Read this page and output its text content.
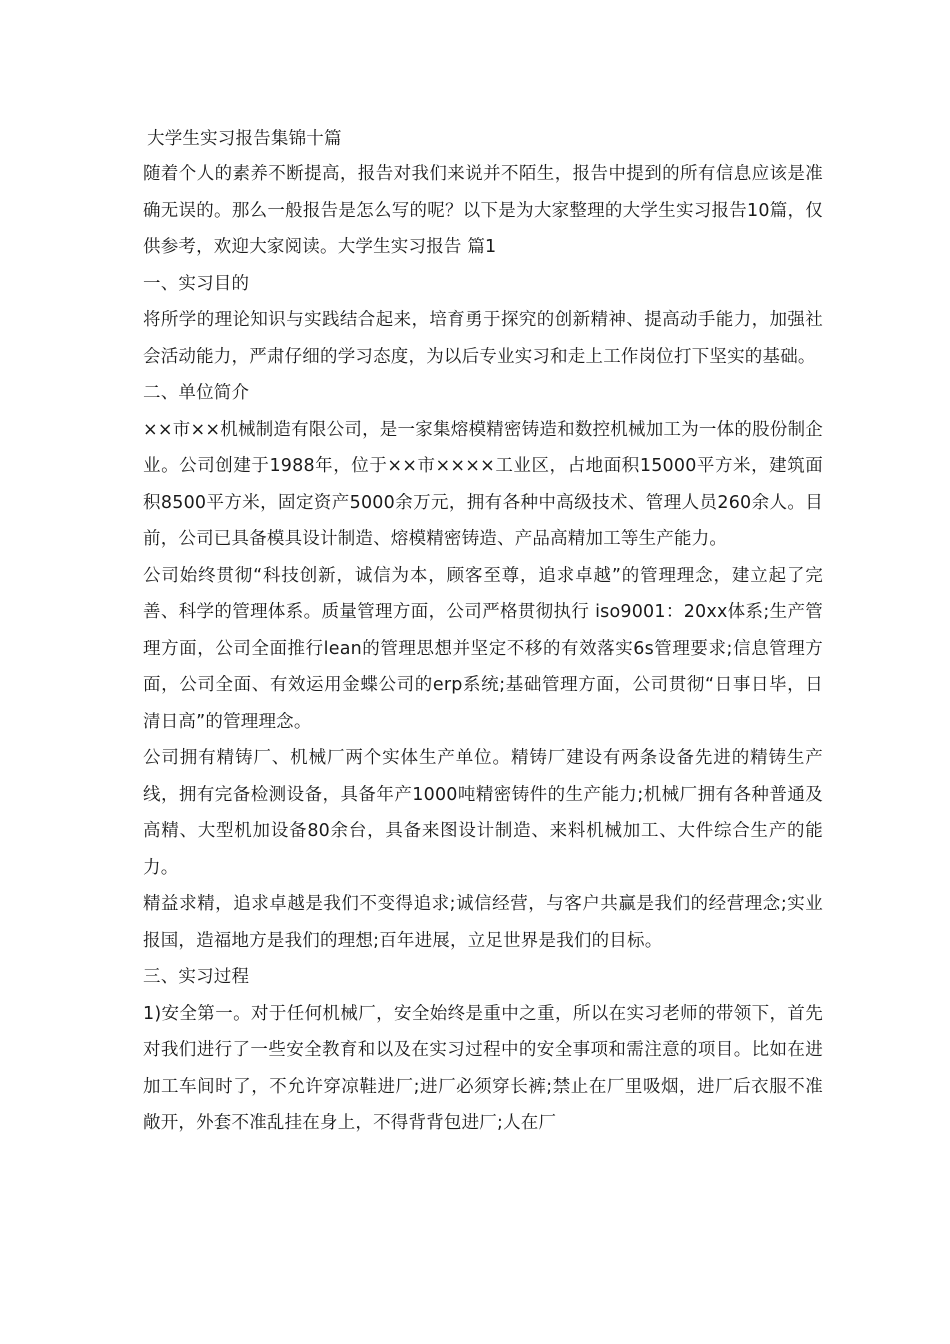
大学生实习报告集锦十篇

随着个人的素养不断提高，报告对我们来说并不陌生，报告中提到的所有信息应该是准确无误的。那么一般报告是怎么写的呢？以下是为大家整理的大学生实习报告10篇，仅供参考，欢迎大家阅读。大学生实习报告 篇1

一、实习目的

将所学的理论知识与实践结合起来，培育勇于探究的创新精神、提高动手能力，加强社会活动能力，严肃仔细的学习态度，为以后专业实习和走上工作岗位打下坚实的基础。

二、单位简介

××市××机械制造有限公司，是一家集熔模精密铸造和数控机械加工为一体的股份制企业。公司创建于1988年，位于××市××××工业区，占地面积15000平方米，建筑面积8500平方米，固定资产5000余万元，拥有各种中高级技术、管理人员260余人。目前，公司已具备模具设计制造、熔模精密铸造、产品高精加工等生产能力。

公司始终贯彻“科技创新，诚信为本，顾客至尊，追求卓越”的管理理念，建立起了完善、科学的管理体系。质量管理方面，公司严格贯彻执行 iso9001：20xx体系;生产管理方面，公司全面推行lean的管理思想并坚定不移的有效落实6s管理要求;信息管理方面，公司全面、有效运用金蝶公司的erp系统;基础管理方面，公司贯彻“日事日毕，日清日高”的管理理念。

公司拥有精铸厂、机械厂两个实体生产单位。精铸厂建设有两条设备先进的精铸生产线，拥有完备检测设备，具备年产1000吨精密铸件的生产能力;机械厂拥有各种普通及高精、大型机加设备80余台，具备来图设计制造、来料机械加工、大件综合生产的能力。

精益求精，追求卓越是我们不变得追求;诚信经营，与客户共赢是我们的经营理念;实业报国，造福地方是我们的理想;百年进展，立足世界是我们的目标。

三、实习过程

1)安全第一。对于任何机械厂，安全始终是重中之重，所以在实习老师的带领下，首先对我们进行了一些安全教育和以及在实习过程中的安全事项和需注意的项目。比如在进加工车间时了，不允许穿凉鞋进厂;进厂必须穿长裤;禁止在厂里吸烟，进厂后衣服不准敞开，外套不准乱挂在身上，不得背背包进厂;人在厂
